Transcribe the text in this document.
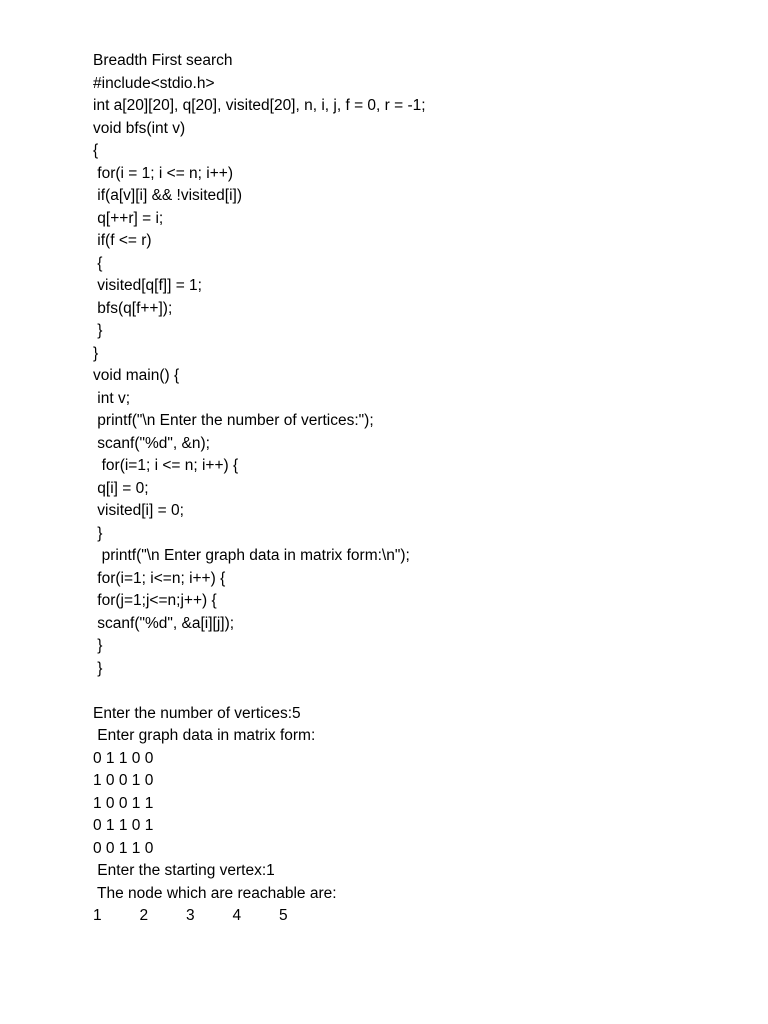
Breadth First search
#include<stdio.h>
int a[20][20], q[20], visited[20], n, i, j, f = 0, r = -1;
void bfs(int v)
{
for(i = 1; i <= n; i++)
if(a[v][i] && !visited[i])
q[++r] = i;
if(f <= r)
{
visited[q[f]] = 1;
bfs(q[f++]);
}
}
void main() {
int v;
printf("\n Enter the number of vertices:");
scanf("%d", &n);
for(i=1; i <= n; i++) {
q[i] = 0;
visited[i] = 0;
}
printf("\n Enter graph data in matrix form:\n");
for(i=1; i<=n; i++) {
for(j=1;j<=n;j++) {
scanf("%d", &a[i][j]);
}
}
Enter the number of vertices:5
Enter graph data in matrix form:
0 1 1 0 0
1 0 0 1 0
1 0 0 1 1
0 1 1 0 1
0 0 1 1 0
Enter the starting vertex:1
The node which are reachable are:
1	2	3	4	5
